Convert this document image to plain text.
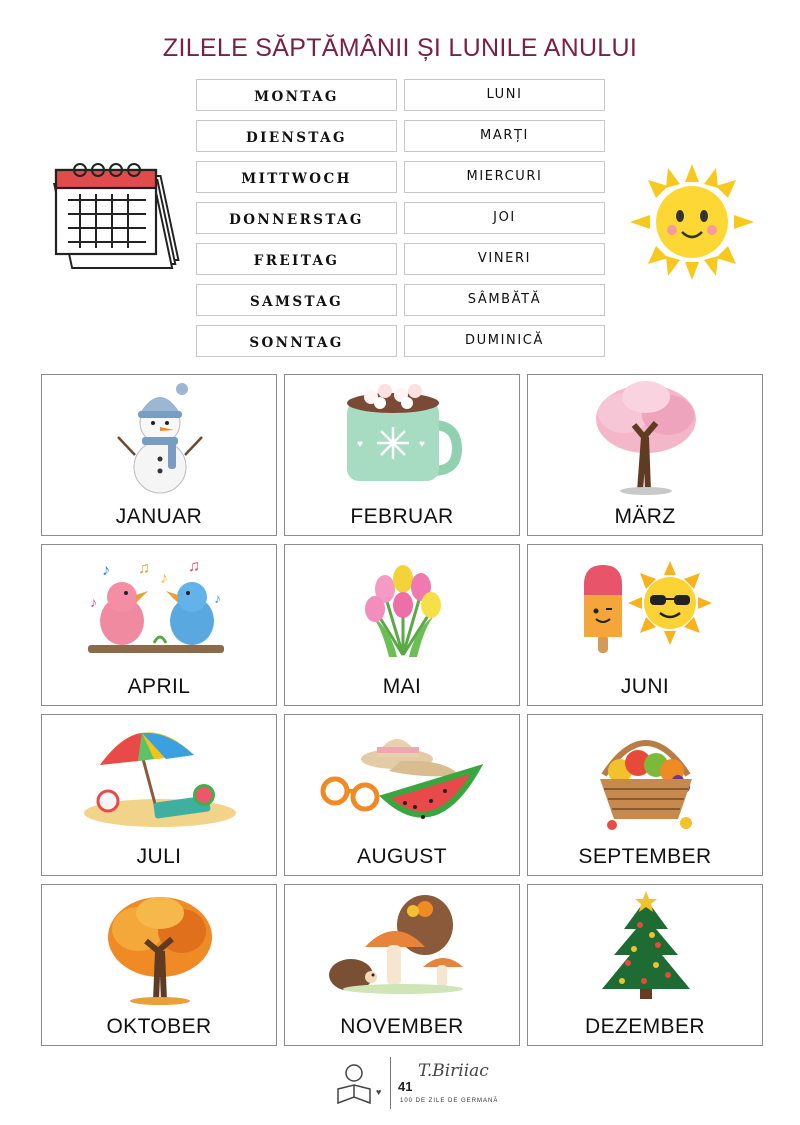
ZILELE SĂPTĂMÂNII ȘI LUNILE ANULUI
MONTAG	LUNI
DIENSTAG	MARȚI
MITTWOCH	MIERCURI
DONNERSTAG	JOI
FREITAG	VINERI
SAMSTAG	SÂMBĂTĂ
SONNTAG	DUMINICĂ
JANUAR
♥	♥
FEBRUAR	MÄRZ
♪ ♫
♪
♫
♪	♪
APRIL	MAI	JUNI
JULI	AUGUST	SEPTEMBER
OKTOBER	NOVEMBER	DEZEMBER
♥ 41
T.Biriiac
100 DE ZILE DE GERMANĂ
